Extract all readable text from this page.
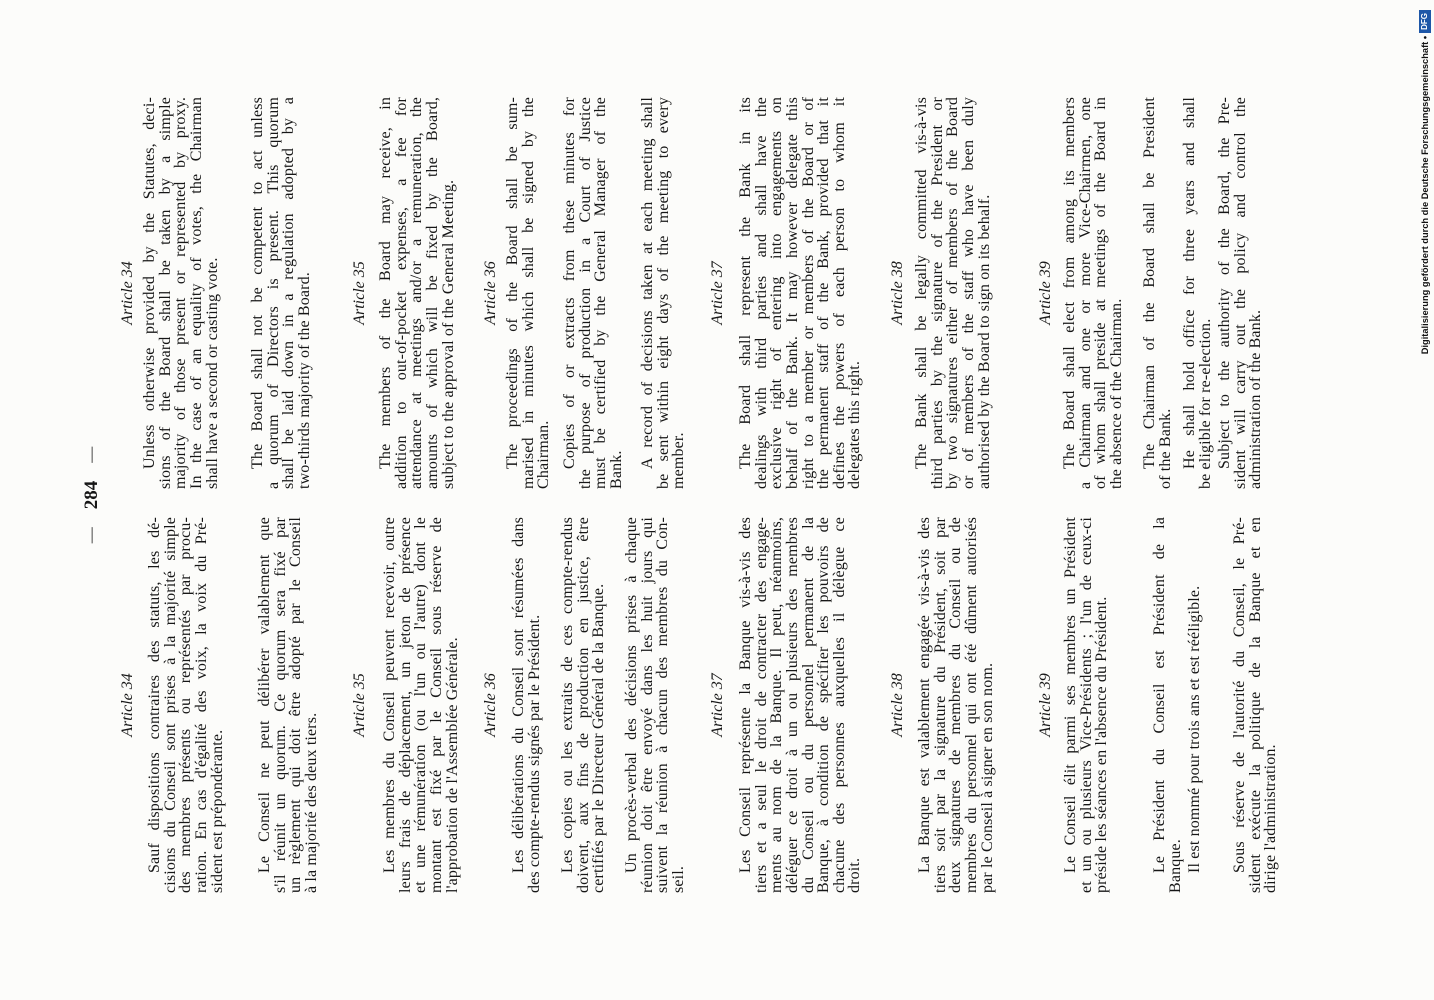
—
284
—
Article 34 Sauf dispositions contraires des statuts, les dé-
cisions du Conseil sont prises à la majorité simple
des membres présents ou représentés par procu-
ration. En cas d'égalité des voix, la voix du Pré-
sident est prépondérante. Le Conseil ne peut délibérer valablement que
s'il réunit un quorum. Ce quorum sera fixé par
un règlement qui doit être adopté par le Conseil
à la majorité des deux tiers.
Article 35 Les membres du Conseil peuvent recevoir, outre
leurs frais de déplacement, un jeton de présence
et une rémunération (ou l'un ou l'autre) dont le
montant est fixé par le Conseil sous réserve de
l'approbation de l'Assemblée Générale. Article 36 Les délibérations du Conseil sont résumées dans
des compte-rendus signés par le Président. Les copies ou les extraits de ces compte-rendus
doivent, aux fins de production en justice, être
certifiés par le Directeur Général de la Banque. Un procès-verbal des décisions prises à chaque
réunion doit être envoyé dans les huit jours qui
suivent la réunion à chacun des membres du Con-
seil.
Article 37 Les Conseil représente la Banque vis-à-vis des
tiers et a seul le droit de contracter des engage-
ments au nom de la Banque. Il peut, néanmoins,
déléguer ce droit à un ou plusieurs des membres
du Conseil ou du personnel permanent de la
Banque, à condition de spécifier les pouvoirs de
chacune des personnes auxquelles il délègue ce
droit.
Article 38 La Banque est valablement engagée vis-à-vis des
tiers soit par la signature du Président, soit par
deux signatures de membres du Conseil ou de
membres du personnel qui ont été dûment autorisés
par le Conseil à signer en son nom.	Article 39 Le Conseil élit parmi ses membres un Président
et un ou plusieurs Vice-Présidents ; l'un de ceux-ci
préside les séances en l'absence du Président.	Le Président du Conseil est Président de la
Banque. Il est nommé pour trois ans et est rééligible. Sous réserve de l'autorité du Conseil, le Pré-
sident exécute la politique de la Banque et en
dirige l'administration.
Article 34 Unless otherwise provided by the Statutes, deci-
sions of the Board shall be taken by a simple
majority of those present or represented by proxy.
In the case of an equality of votes, the Chairman
shall have a second or casting vote. The Board shall not be competent to act unless
a quorum of Directors is present. This quorum
shall be laid down in a regulation adopted by a
two-thirds majority of the Board. Article 35 The members of the Board may receive, in
addition to out-of-pocket expenses, a fee for
attendance at meetings and/or a remuneration, the
amounts of which will be fixed by the Board,
subject to the approval of the General Meeting. Article 36 The proceedings of the Board shall be sum-
marised in minutes which shall be signed by the
Chairman. Copies of or extracts from these minutes for
the purpose of production in a Court of Justice
must be certified by the General Manager of the
Bank.
A record of decisions taken at each meeting shall
be sent within eight days of the meeting to every
member.
Article 37 The Board shall represent the Bank in its
dealings with third parties and shall have the
exclusive right of entering into engagements on
behalf of the Bank. It may however delegate this
right to a member or members of the Board or of
the permanent staff of the Bank, provided that it
defines the powers of each person to whom it
delegates this right.
Article 38 The Bank shall be legally committed vis-à-vis
third parties by the signature of the President or
by two signatures either of members of the Board
or of members of the staff who have been duly
authorised by the Board to sign on its behalf.	Article 39 The Board shall elect from among its members
a Chairman and one or more Vice-Chairmen, one
of whom shall preside at meetings of the Board in
the absence of the Chairman. The Chairman of the Board shall be President
of the Bank. He shall hold office for three years and shall
be eligible for re-election. Subject to the authority of the Board, the Pre-
sident will carry out the policy and control the
administration of the Bank.
Digitalisierung gefördert durch die Deutsche Forschungsgemeinschaft •
DFG
